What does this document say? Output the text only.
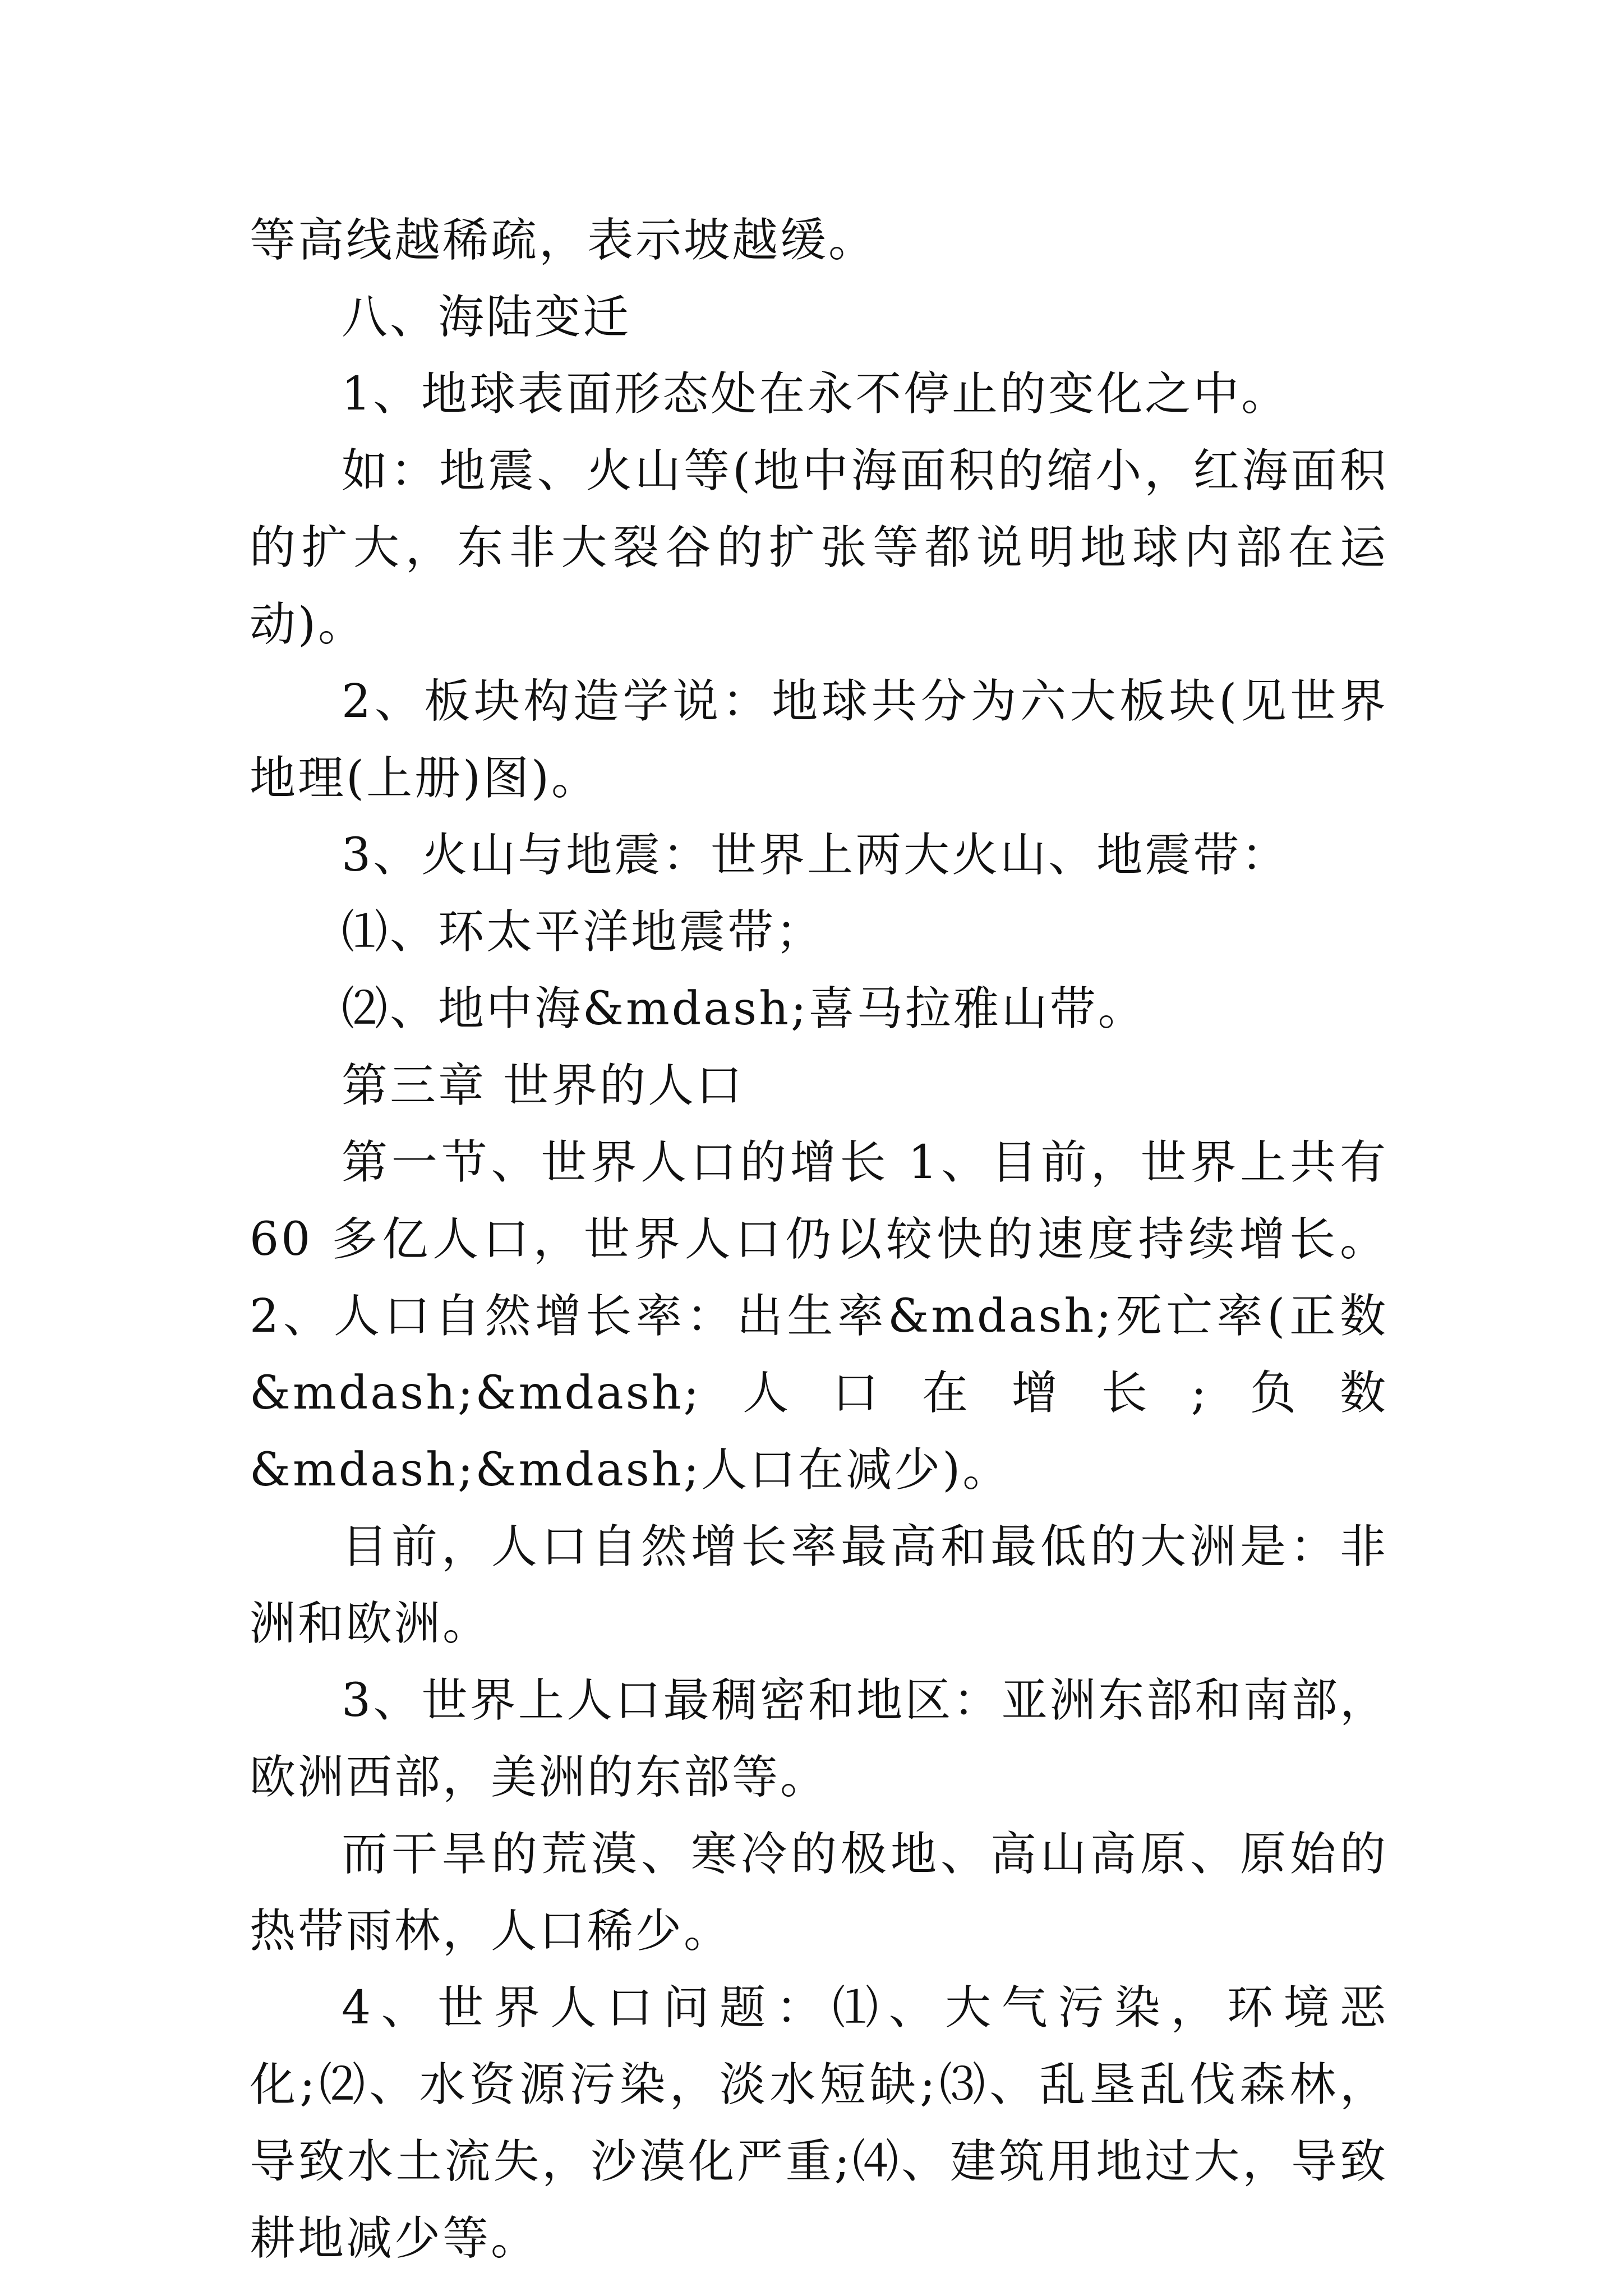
等高线越稀疏，表示坡越缓。

八、海陆变迁

1、地球表面形态处在永不停止的变化之中。

如：地震、火山等(地中海面积的缩小，红海面积的扩大，东非大裂谷的扩张等都说明地球内部在运动)。

2、板块构造学说：地球共分为六大板块(见世界地理(上册)图)。

3、火山与地震：世界上两大火山、地震带：

⑴、环太平洋地震带；

⑵、地中海&mdash;喜马拉雅山带。

第三章 世界的人口

第一节、世界人口的增长 1、目前，世界上共有 60 多亿人口，世界人口仍以较快的速度持续增长。2、人口自然增长率：出生率&mdash;死亡率(正数&mdash;&mdash;人口在增长;负数&mdash;&mdash;人口在减少)。

目前，人口自然增长率最高和最低的大洲是：非洲和欧洲。

3、世界上人口最稠密和地区：亚洲东部和南部，欧洲西部，美洲的东部等。

而干旱的荒漠、寒冷的极地、高山高原、原始的热带雨林，人口稀少。

4、世界人口问题：⑴、大气污染，环境恶化;⑵、水资源污染，淡水短缺;⑶、乱垦乱伐森林，导致水土流失，沙漠化严重;⑷、建筑用地过大，导致耕地减少等。
